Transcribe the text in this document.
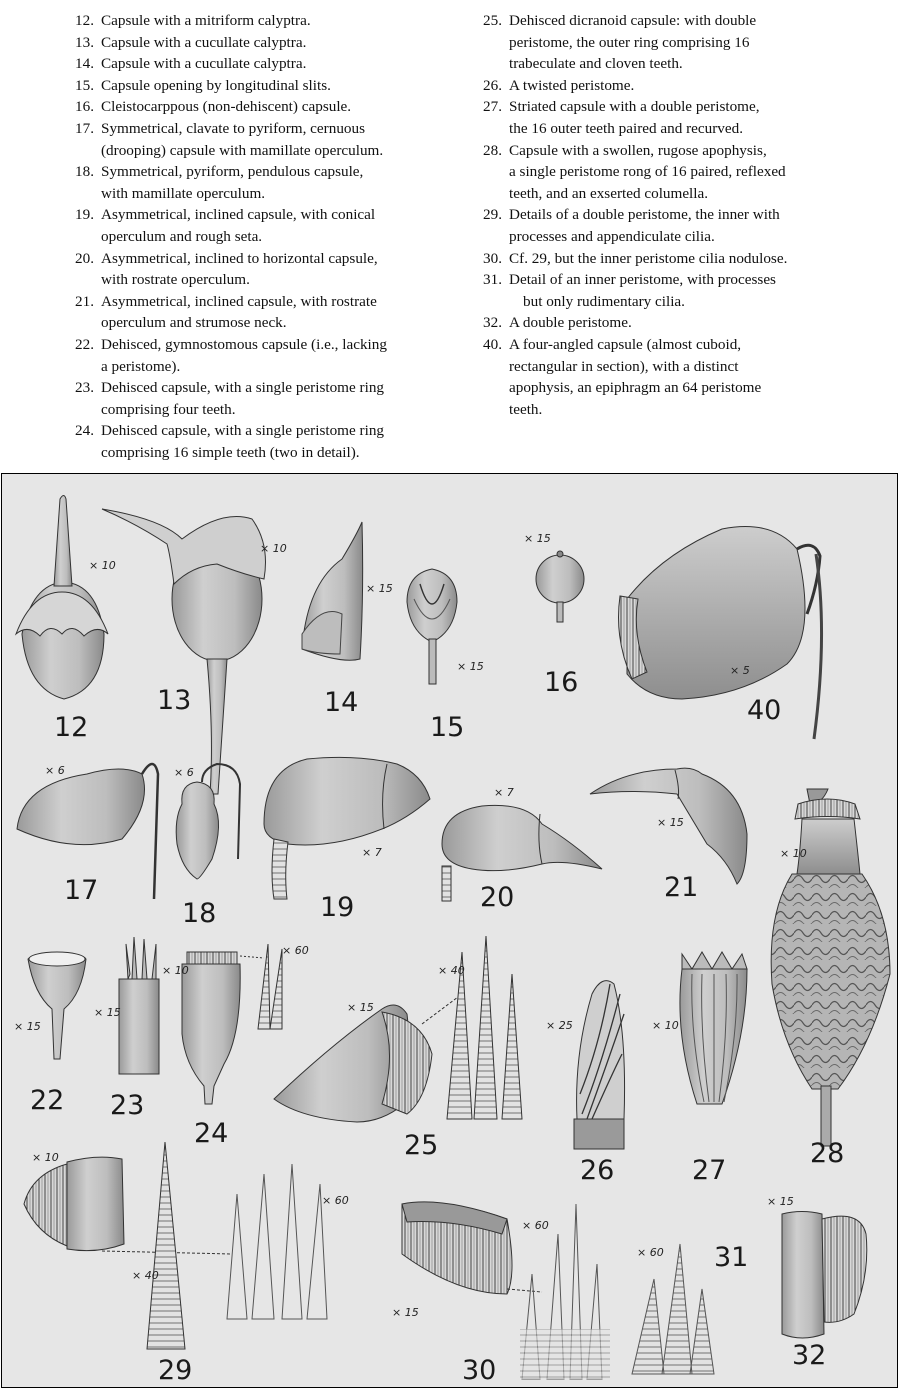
12. Capsule with a mitriform calyptra.
13. Capsule with a cucullate calyptra.
14. Capsule with a cucullate calyptra.
15. Capsule opening by longitudinal slits.
16. Cleistocarppous (non-dehiscent) capsule.
17. Symmetrical, clavate to pyriform, cernuous
(drooping) capsule with mamillate operculum.
18. Symmetrical, pyriform, pendulous capsule,
with mamillate operculum.
19. Asymmetrical, inclined capsule, with conical
operculum and rough seta.
20. Asymmetrical, inclined to horizontal capsule,
with rostrate operculum.
21. Asymmetrical, inclined capsule, with rostrate
operculum and strumose neck.
22. Dehisced, gymnostomous capsule (i.e., lacking
a peristome).
23. Dehisced capsule, with a single peristome ring
comprising four teeth.
24. Dehisced capsule, with a single peristome ring
comprising 16 simple teeth (two in detail).
25. Dehisced dicranoid capsule: with double
peristome, the outer ring comprising 16
trabeculate and cloven teeth.
26. A twisted peristome.
27. Striated capsule with a double peristome,
the 16 outer teeth paired and recurved.
28. Capsule with a swollen, rugose apophysis,
a single peristome rong of 16 paired, reflexed
teeth, and an exserted columella.
29. Details of a double peristome, the inner with
processes and appendiculate cilia.
30. Cf. 29, but the inner peristome cilia nodulose.
31. Detail of an inner peristome, with processes
but only rudimentary cilia.
32. A double peristome.
40. A four-angled capsule (almost cuboid,
rectangular in section), with a distinct
apophysis, an epiphragm an 64 peristome
teeth.
12
× 10
13
× 10
14
× 15
15
× 15
16
× 15
40
× 5
17
× 6
18
× 6
19
× 7
20
× 7
21
× 15
28
× 10
22
× 15
23
× 15
24
× 10
× 60
25
× 15
× 40
26
× 25
27
× 10
29
× 10
× 40
× 60
30
× 15
× 60
31
× 60
32
× 15
